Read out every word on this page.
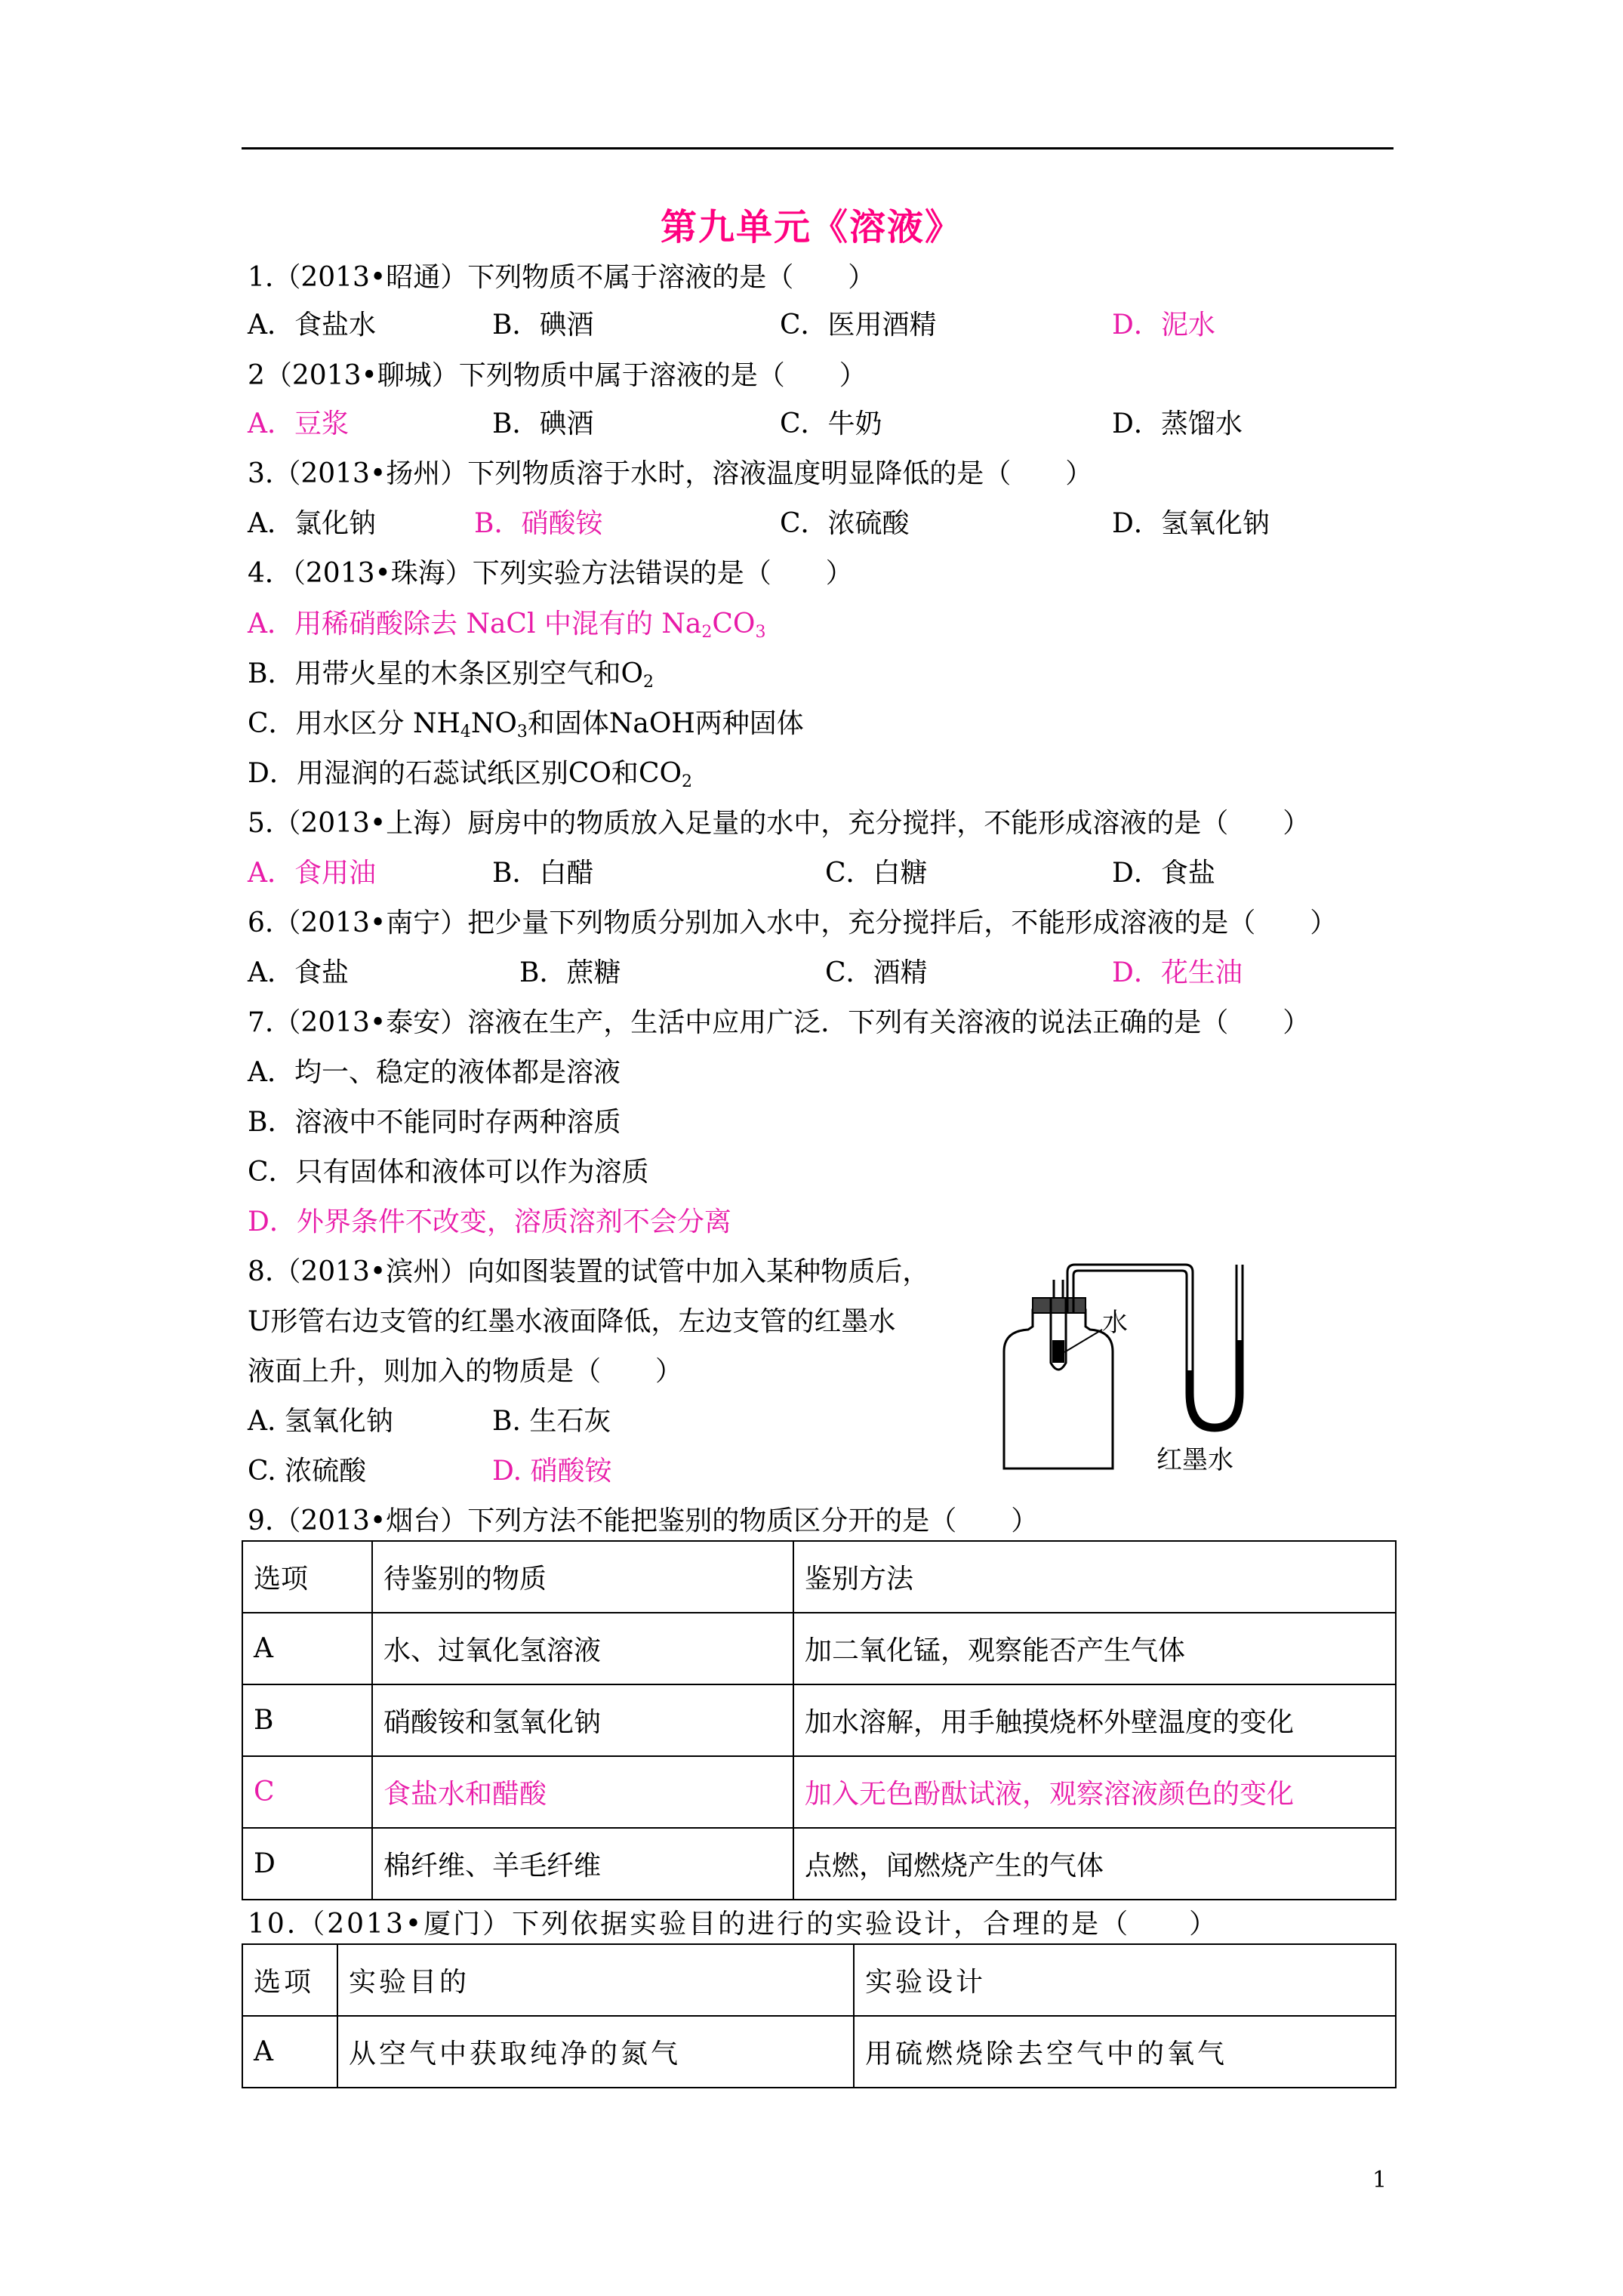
第九单元《溶液》
1.（2013•昭通）下列物质不属于溶液的是（　　）
A．食盐水	B．碘酒	C．医用酒精	D．泥水
2（2013•聊城）下列物质中属于溶液的是（　　）
A．豆浆	B．碘酒	C．牛奶	D．蒸馏水
3.（2013•扬州）下列物质溶于水时，溶液温度明显降低的是（　　）
A．氯化钠	B．硝酸铵	C．浓硫酸	D．氢氧化钠
4．（2013•珠海）下列实验方法错误的是（　　）
A．用稀硝酸除去 NaCl 中混有的 $Na_2CO_3$
B．用带火星的木条区别空气和$O_2$
C．用水区分 $NH_4NO_3$和固体NaOH两种固体
D．用湿润的石蕊试纸区别CO和$CO_2$
5.（2013•上海）厨房中的物质放入足量的水中，充分搅拌，不能形成溶液的是（　　）
A．食用油	B．白醋	C．白糖	D．食盐
6.（2013•南宁）把少量下列物质分别加入水中，充分搅拌后，不能形成溶液的是（　　）
A．食盐	B．蔗糖	C．酒精	D．花生油
7.（2013•泰安）溶液在生产，生活中应用广泛．下列有关溶液的说法正确的是（　　）
A．均一、稳定的液体都是溶液
B．溶液中不能同时存两种溶质
C．只有固体和液体可以作为溶质
D．外界条件不改变，溶质溶剂不会分离
8.（2013•滨州）向如图装置的试管中加入某种物质后，
U形管右边支管的红墨水液面降低，左边支管的红墨水
液面上升，则加入的物质是（　　）
A. 氢氧化钠	B. 生石灰
C. 浓硫酸	D. 硝酸铵
水
红墨水
9.（2013•烟台）下列方法不能把鉴别的物质区分开的是（　　）
选项	待鉴别的物质	鉴别方法
A	水、过氧化氢溶液	加二氧化锰，观察能否产生气体
B	硝酸铵和氢氧化钠	加水溶解，用手触摸烧杯外壁温度的变化
C	食盐水和醋酸	加入无色酚酞试液，观察溶液颜色的变化
D	棉纤维、羊毛纤维	点燃，闻燃烧产生的气体
10.（2013•厦门）下列依据实验目的进行的实验设计，合理的是（　　）
选项	实验目的	实验设计
A	从空气中获取纯净的氮气	用硫燃烧除去空气中的氧气
1
